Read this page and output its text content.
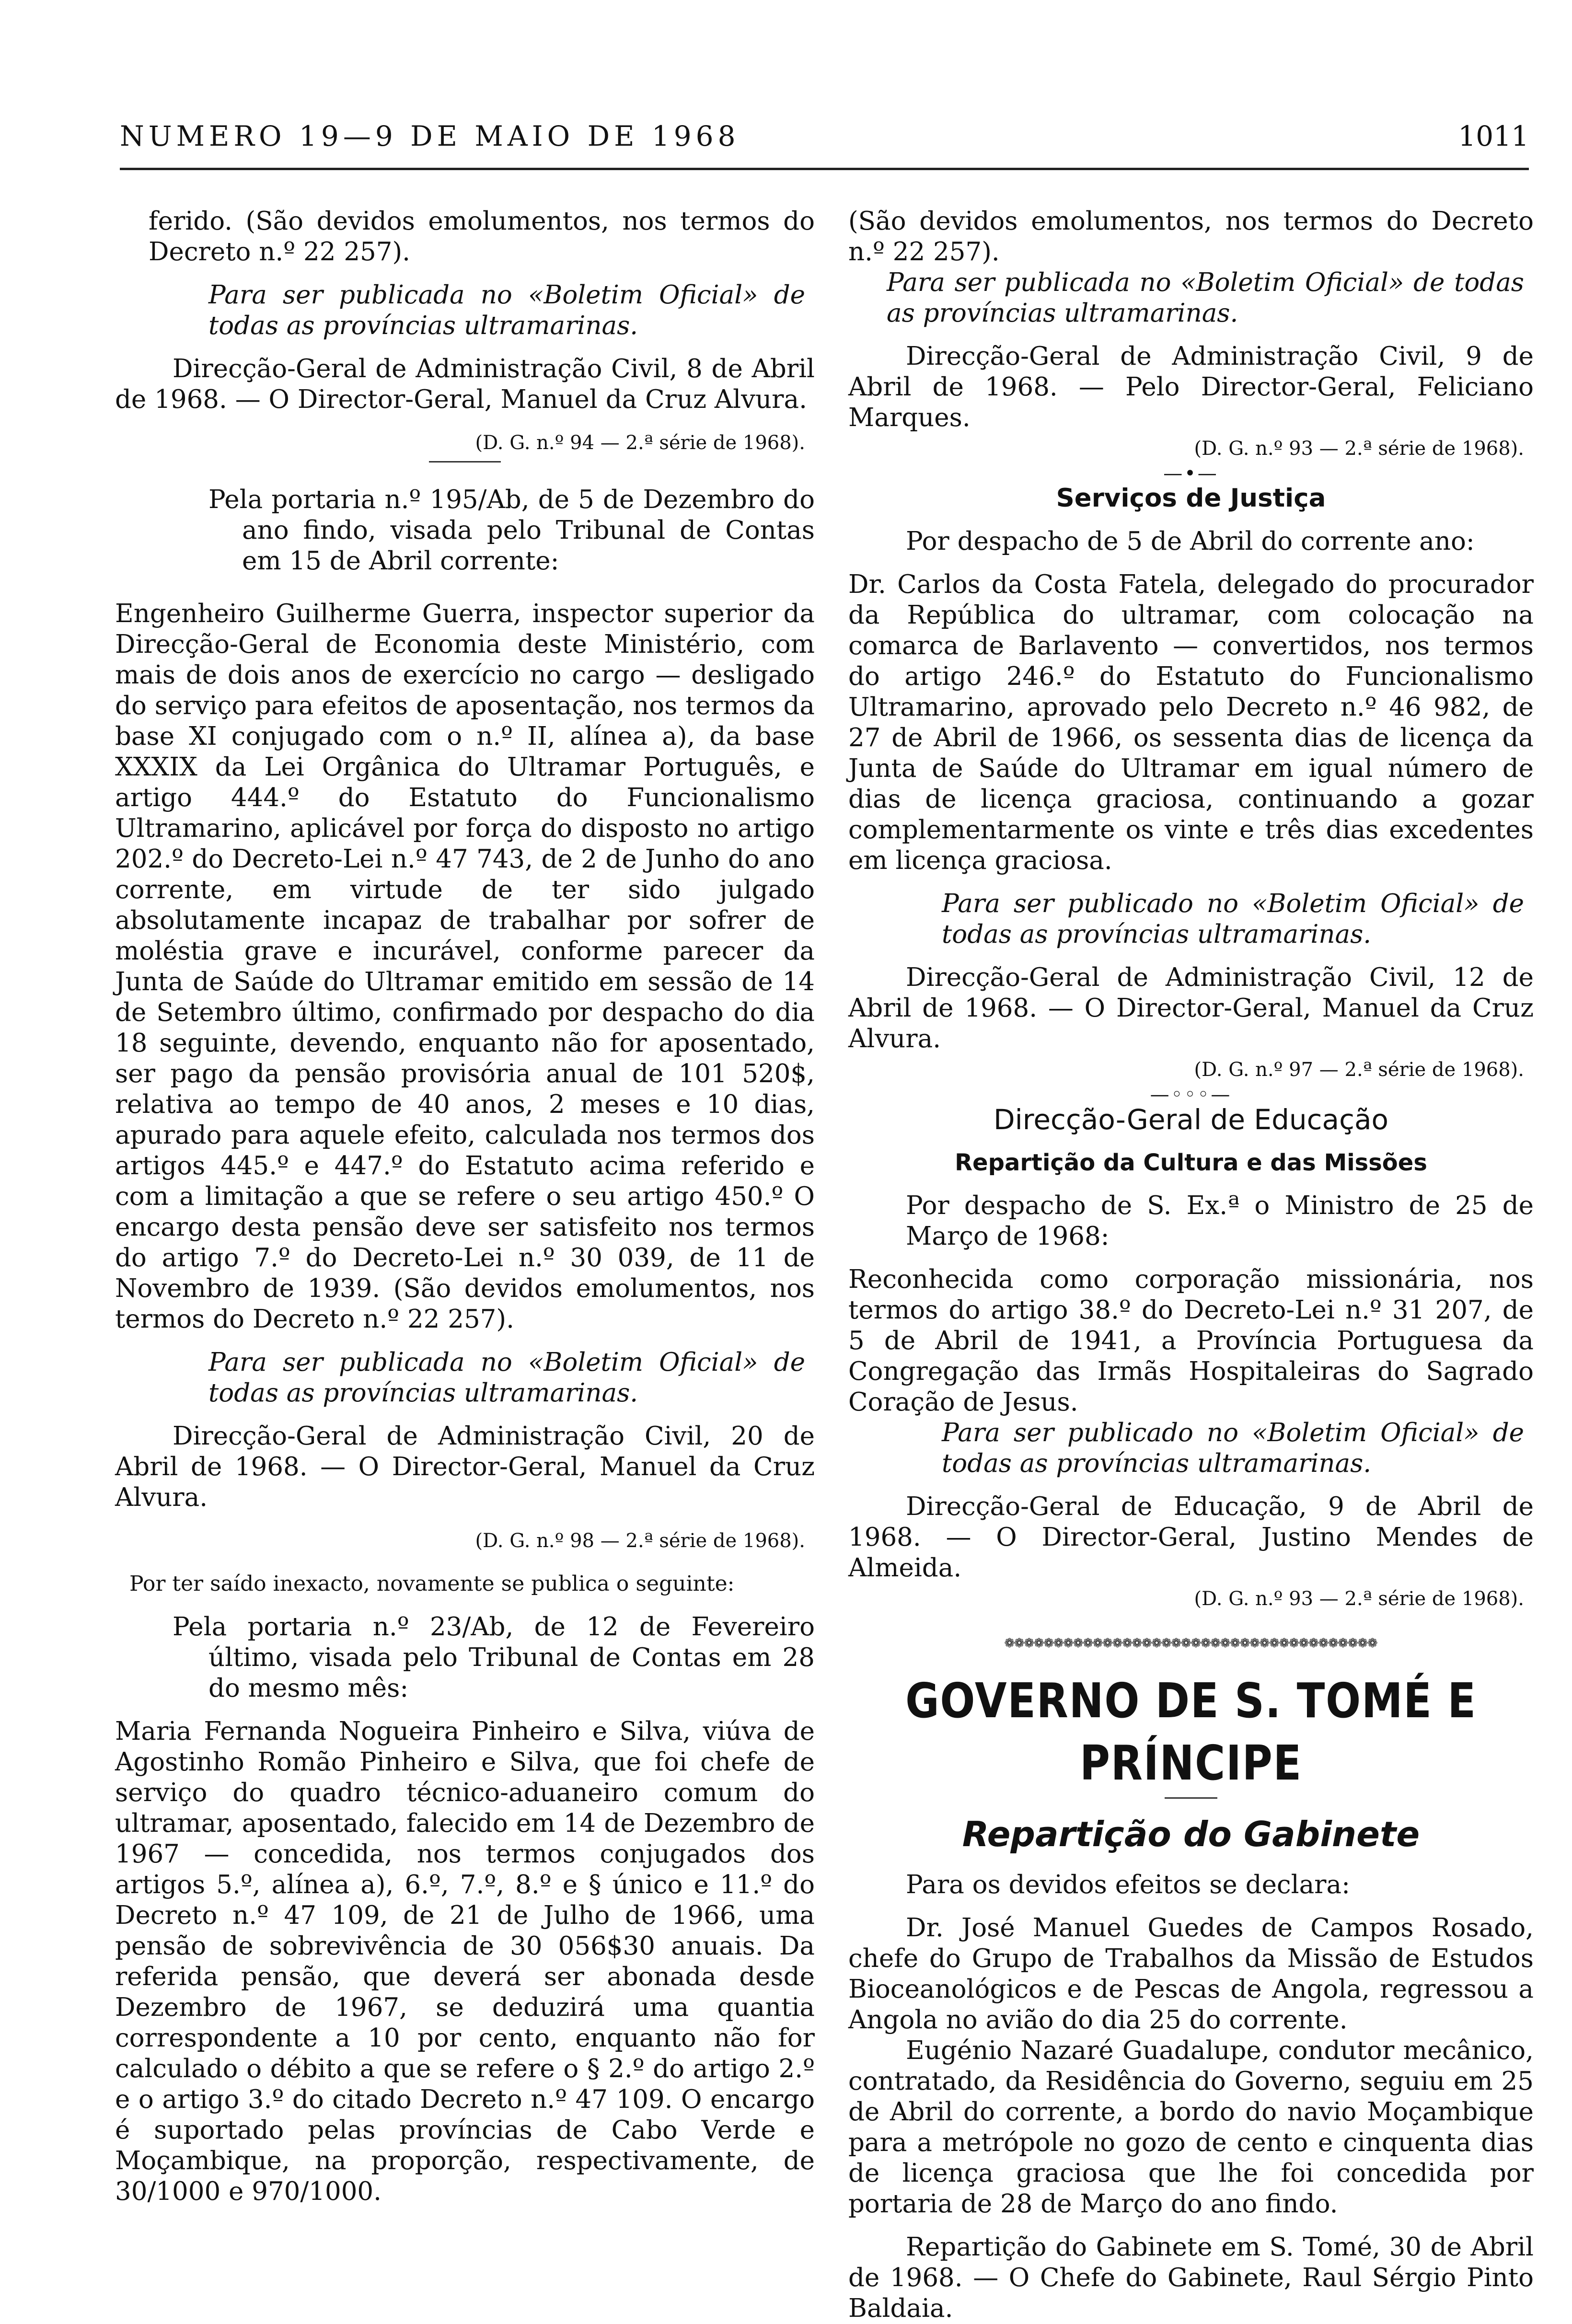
NUMERO 19—9 DE MAIO DE 1968	1011

ferido. (São devidos emolumentos, nos termos do Decreto n.º 22 257).

Para ser publicada no «Boletim Oficial» de todas as províncias ultramarinas.

Direcção-Geral de Administração Civil, 8 de Abril de 1968. — O Director-Geral, Manuel da Cruz Alvura.

(D. G. n.º 94 — 2.ª série de 1968).

Pela portaria n.º 195/Ab, de 5 de Dezembro do ano findo, visada pelo Tribunal de Contas em 15 de Abril corrente:

Engenheiro Guilherme Guerra, inspector superior da Direcção-Geral de Economia deste Ministério, com mais de dois anos de exercício no cargo — desligado do serviço para efeitos de aposentação, nos termos da base XI conjugado com o n.º II, alínea a), da base XXXIX da Lei Orgânica do Ultramar Português, e artigo 444.º do Estatuto do Funcionalismo Ultramarino, aplicável por força do disposto no artigo 202.º do Decreto-Lei n.º 47 743, de 2 de Junho do ano corrente, em virtude de ter sido julgado absolutamente incapaz de trabalhar por sofrer de moléstia grave e incurável, conforme parecer da Junta de Saúde do Ultramar emitido em sessão de 14 de Setembro último, confirmado por despacho do dia 18 seguinte, devendo, enquanto não for aposentado, ser pago da pensão provisória anual de 101 520$, relativa ao tempo de 40 anos, 2 meses e 10 dias, apurado para aquele efeito, calculada nos termos dos artigos 445.º e 447.º do Estatuto acima referido e com a limitação a que se refere o seu artigo 450.º O encargo desta pensão deve ser satisfeito nos termos do artigo 7.º do Decreto-Lei n.º 30 039, de 11 de Novembro de 1939. (São devidos emolumentos, nos termos do Decreto n.º 22 257).

Para ser publicada no «Boletim Oficial» de todas as províncias ultramarinas.

Direcção-Geral de Administração Civil, 20 de Abril de 1968. — O Director-Geral, Manuel da Cruz Alvura.

(D. G. n.º 98 — 2.ª série de 1968).

Por ter saído inexacto, novamente se publica o seguinte:

Pela portaria n.º 23/Ab, de 12 de Fevereiro último, visada pelo Tribunal de Contas em 28 do mesmo mês:

Maria Fernanda Nogueira Pinheiro e Silva, viúva de Agostinho Romão Pinheiro e Silva, que foi chefe de serviço do quadro técnico-aduaneiro comum do ultramar, aposentado, falecido em 14 de Dezembro de 1967 — concedida, nos termos conjugados dos artigos 5.º, alínea a), 6.º, 7.º, 8.º e § único e 11.º do Decreto n.º 47 109, de 21 de Julho de 1966, uma pensão de sobrevivência de 30 056$30 anuais. Da referida pensão, que deverá ser abonada desde Dezembro de 1967, se deduzirá uma quantia correspondente a 10 por cento, enquanto não for calculado o débito a que se refere o § 2.º do artigo 2.º e o artigo 3.º do citado Decreto n.º 47 109. O encargo é suportado pelas províncias de Cabo Verde e Moçambique, na proporção, respectivamente, de 30/1000 e 970/1000.

(São devidos emolumentos, nos termos do Decreto n.º 22 257).

Para ser publicada no «Boletim Oficial» de todas as províncias ultramarinas.

Direcção-Geral de Administração Civil, 9 de Abril de 1968. — Pelo Director-Geral, Feliciano Marques.

(D. G. n.º 93 — 2.ª série de 1968).

—•—

Serviços de Justiça

Por despacho de 5 de Abril do corrente ano:

Dr. Carlos da Costa Fatela, delegado do procurador da República do ultramar, com colocação na comarca de Barlavento — convertidos, nos termos do artigo 246.º do Estatuto do Funcionalismo Ultramarino, aprovado pelo Decreto n.º 46 982, de 27 de Abril de 1966, os sessenta dias de licença da Junta de Saúde do Ultramar em igual número de dias de licença graciosa, continuando a gozar complementarmente os vinte e três dias excedentes em licença graciosa.

Para ser publicado no «Boletim Oficial» de todas as províncias ultramarinas.

Direcção-Geral de Administração Civil, 12 de Abril de 1968. — O Director-Geral, Manuel da Cruz Alvura.

(D. G. n.º 97 — 2.ª série de 1968).

—◦◦◦—

Direcção-Geral de Educação

Repartição da Cultura e das Missões

Por despacho de S. Ex.ª o Ministro de 25 de Março de 1968:

Reconhecida como corporação missionária, nos termos do artigo 38.º do Decreto-Lei n.º 31 207, de 5 de Abril de 1941, a Província Portuguesa da Congregação das Irmãs Hospitaleiras do Sagrado Coração de Jesus.

Para ser publicado no «Boletim Oficial» de todas as províncias ultramarinas.

Direcção-Geral de Educação, 9 de Abril de 1968. — O Director-Geral, Justino Mendes de Almeida.

(D. G. n.º 93 — 2.ª série de 1968).

❁❁❁❁❁❁❁❁❁❁❁❁❁❁❁❁❁❁❁❁❁❁❁❁❁❁❁❁❁❁❁❁❁❁❁❁❁❁

GOVERNO DE S. TOMÉ E PRÍNCIPE

Repartição do Gabinete

Para os devidos efeitos se declara:

Dr. José Manuel Guedes de Campos Rosado, chefe do Grupo de Trabalhos da Missão de Estudos Bioceanológicos e de Pescas de Angola, regressou a Angola no avião do dia 25 do corrente.

Eugénio Nazaré Guadalupe, condutor mecânico, contratado, da Residência do Governo, seguiu em 25 de Abril do corrente, a bordo do navio Moçambique para a metrópole no gozo de cento e cinquenta dias de licença graciosa que lhe foi concedida por portaria de 28 de Março do ano findo.

Repartição do Gabinete em S. Tomé, 30 de Abril de 1968. — O Chefe do Gabinete, Raul Sérgio Pinto Baldaia.
